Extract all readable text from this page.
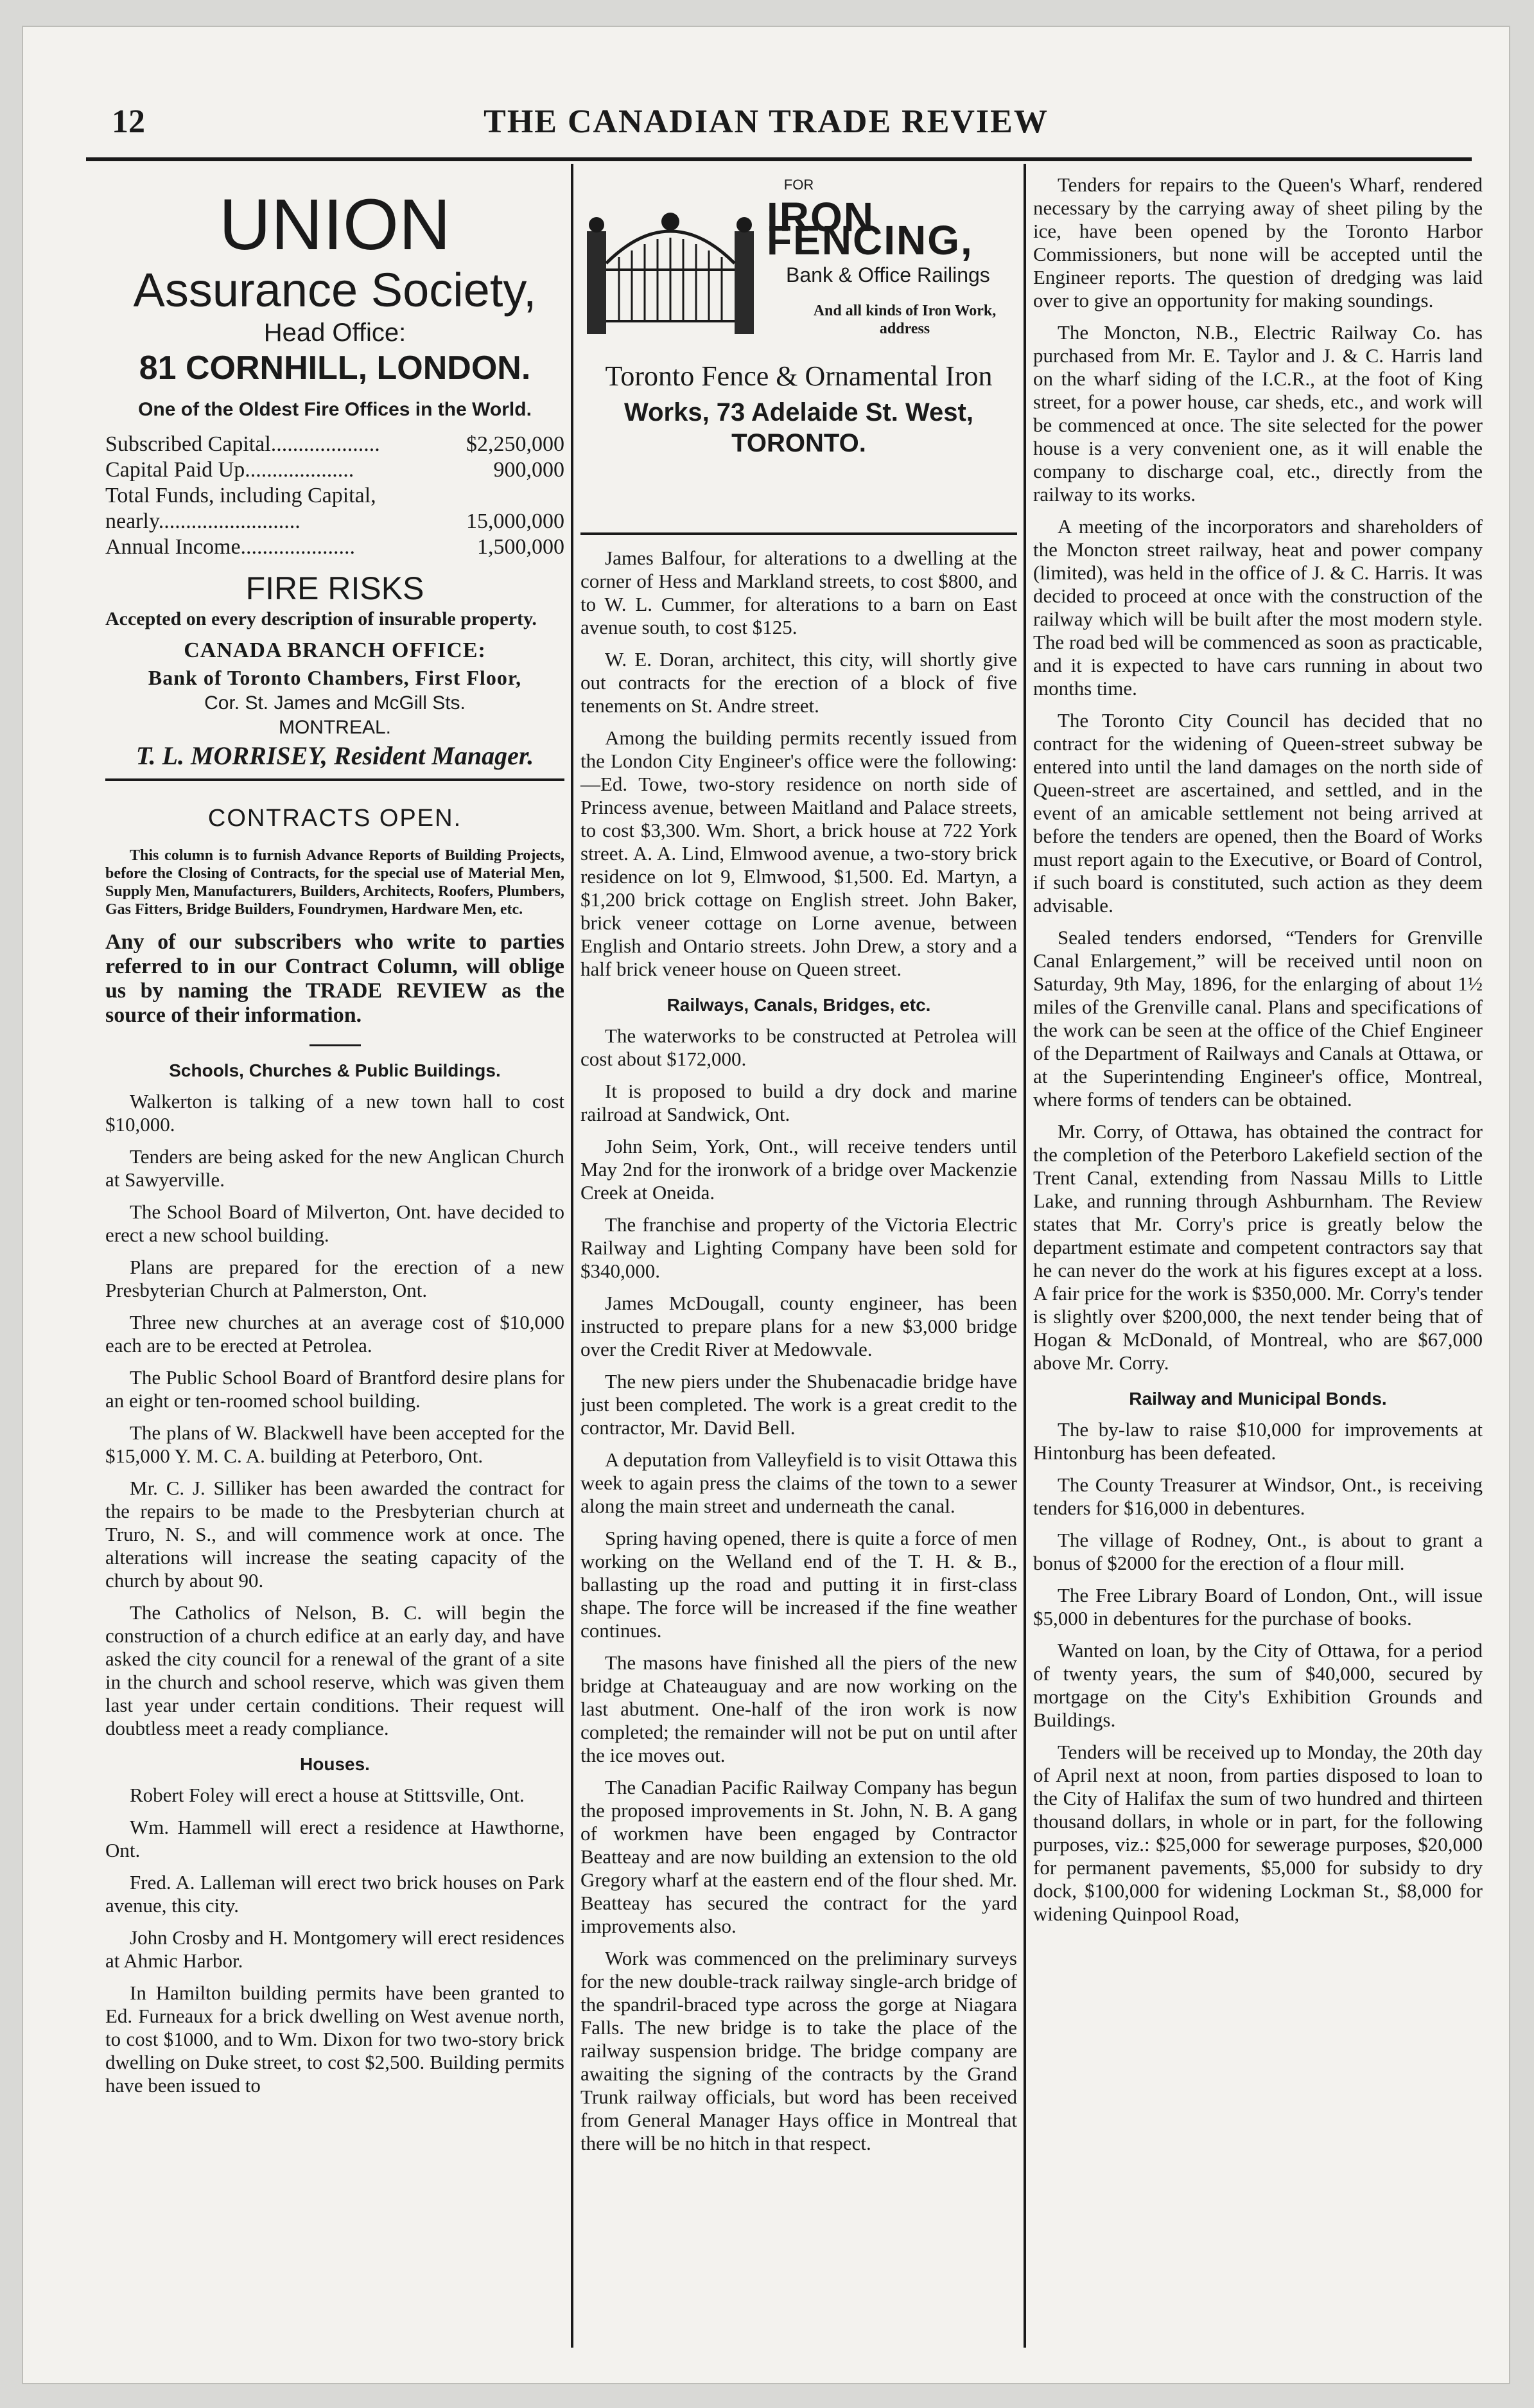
12	THE CANADIAN TRADE REVIEW
UNION
Assurance Society,
Head Office:
81 CORNHILL, LONDON.
One of the Oldest Fire Offices in the World.
Subscribed Capital....................	$2,250,000
Capital Paid Up....................	900,000
Total Funds, including Capital,
nearly..........................	15,000,000
Annual Income.....................	1,500,000
FIRE RISKS
Accepted on every description of insurable property.
CANADA BRANCH OFFICE:
Bank of Toronto Chambers, First Floor,
Cor. St. James and McGill Sts.
MONTREAL.
T. L. MORRISEY, Resident Manager.
CONTRACTS OPEN.
This column is to furnish Advance Reports of Building Projects, before the Closing of Contracts, for the special use of Material Men, Supply Men, Manufacturers, Builders, Architects, Roofers, Plumbers, Gas Fitters, Bridge Builders, Foundrymen, Hardware Men, etc.
Any of our subscribers who write to parties referred to in our Contract Column, will oblige us by naming the TRADE REVIEW as the source of their information.
Schools, Churches & Public Buildings.

Walkerton is talking of a new town hall to cost $10,000.

Tenders are being asked for the new Anglican Church at Sawyerville.

The School Board of Milverton, Ont. have decided to erect a new school building.

Plans are prepared for the erection of a new Presbyterian Church at Palmerston, Ont.

Three new churches at an average cost of $10,000 each are to be erected at Petrolea.

The Public School Board of Brantford desire plans for an eight or ten-roomed school building.

The plans of W. Blackwell have been accepted for the $15,000 Y. M. C. A. building at Peterboro, Ont.

Mr. C. J. Silliker has been awarded the contract for the repairs to be made to the Presbyterian church at Truro, N. S., and will commence work at once. The alterations will increase the seating capacity of the church by about 90.

The Catholics of Nelson, B. C. will begin the construction of a church edifice at an early day, and have asked the city council for a renewal of the grant of a site in the church and school reserve, which was given them last year under certain conditions. Their request will doubtless meet a ready compliance.

Houses.

Robert Foley will erect a house at Stittsville, Ont.

Wm. Hammell will erect a residence at Hawthorne, Ont.

Fred. A. Lalleman will erect two brick houses on Park avenue, this city.

John Crosby and H. Montgomery will erect residences at Ahmic Harbor.

In Hamilton building permits have been granted to Ed. Furneaux for a brick dwelling on West avenue north, to cost $1000, and to Wm. Dixon for two two-story brick dwelling on Duke street, to cost $2,500. Building permits have been issued to

FOR
IRON FENCING,
Bank & Office Railings
And all kinds of Iron Work, address
Toronto Fence & Ornamental Iron
Works, 73 Adelaide St. West, TORONTO.

James Balfour, for alterations to a dwelling at the corner of Hess and Markland streets, to cost $800, and to W. L. Cummer, for alterations to a barn on East avenue south, to cost $125.

W. E. Doran, architect, this city, will shortly give out contracts for the erection of a block of five tenements on St. Andre street.

Among the building permits recently issued from the London City Engineer's office were the following:—Ed. Towe, two-story residence on north side of Princess avenue, between Maitland and Palace streets, to cost $3,300. Wm. Short, a brick house at 722 York street. A. A. Lind, Elmwood avenue, a two-story brick residence on lot 9, Elmwood, $1,500. Ed. Martyn, a $1,200 brick cottage on English street. John Baker, brick veneer cottage on Lorne avenue, between English and Ontario streets. John Drew, a story and a half brick veneer house on Queen street.

Railways, Canals, Bridges, etc.

The waterworks to be constructed at Petrolea will cost about $172,000.

It is proposed to build a dry dock and marine railroad at Sandwick, Ont.

John Seim, York, Ont., will receive tenders until May 2nd for the ironwork of a bridge over Mackenzie Creek at Oneida.

The franchise and property of the Victoria Electric Railway and Lighting Company have been sold for $340,000.

James McDougall, county engineer, has been instructed to prepare plans for a new $3,000 bridge over the Credit River at Medowvale.

The new piers under the Shubenacadie bridge have just been completed. The work is a great credit to the contractor, Mr. David Bell.

A deputation from Valleyfield is to visit Ottawa this week to again press the claims of the town to a sewer along the main street and underneath the canal.

Spring having opened, there is quite a force of men working on the Welland end of the T. H. & B., ballasting up the road and putting it in first-class shape. The force will be increased if the fine weather continues.

The masons have finished all the piers of the new bridge at Chateauguay and are now working on the last abutment. One-half of the iron work is now completed; the remainder will not be put on until after the ice moves out.

The Canadian Pacific Railway Company has begun the proposed improvements in St. John, N. B. A gang of workmen have been engaged by Contractor Beatteay and are now building an extension to the old Gregory wharf at the eastern end of the flour shed. Mr. Beatteay has secured the contract for the yard improvements also.

Work was commenced on the preliminary surveys for the new double-track railway single-arch bridge of the spandril-braced type across the gorge at Niagara Falls. The new bridge is to take the place of the railway suspension bridge. The bridge company are awaiting the signing of the contracts by the Grand Trunk railway officials, but word has been received from General Manager Hays office in Montreal that there will be no hitch in that respect.

Tenders for repairs to the Queen's Wharf, rendered necessary by the carrying away of sheet piling by the ice, have been opened by the Toronto Harbor Commissioners, but none will be accepted until the Engineer reports. The question of dredging was laid over to give an opportunity for making soundings.

The Moncton, N.B., Electric Railway Co. has purchased from Mr. E. Taylor and J. & C. Harris land on the wharf siding of the I.C.R., at the foot of King street, for a power house, car sheds, etc., and work will be commenced at once. The site selected for the power house is a very convenient one, as it will enable the company to discharge coal, etc., directly from the railway to its works.

A meeting of the incorporators and shareholders of the Moncton street railway, heat and power company (limited), was held in the office of J. & C. Harris. It was decided to proceed at once with the construction of the railway which will be built after the most modern style. The road bed will be commenced as soon as practicable, and it is expected to have cars running in about two months time.

The Toronto City Council has decided that no contract for the widening of Queen-street subway be entered into until the land damages on the north side of Queen-street are ascertained, and settled, and in the event of an amicable settlement not being arrived at before the tenders are opened, then the Board of Works must report again to the Executive, or Board of Control, if such board is constituted, such action as they deem advisable.

Sealed tenders endorsed, “Tenders for Grenville Canal Enlargement,” will be received until noon on Saturday, 9th May, 1896, for the enlarging of about 1½ miles of the Grenville canal. Plans and specifications of the work can be seen at the office of the Chief Engineer of the Department of Railways and Canals at Ottawa, or at the Superintending Engineer's office, Montreal, where forms of tenders can be obtained.

Mr. Corry, of Ottawa, has obtained the contract for the completion of the Peterboro Lakefield section of the Trent Canal, extending from Nassau Mills to Little Lake, and running through Ashburnham. The Review states that Mr. Corry's price is greatly below the department estimate and competent contractors say that he can never do the work at his figures except at a loss. A fair price for the work is $350,000. Mr. Corry's tender is slightly over $200,000, the next tender being that of Hogan & McDonald, of Montreal, who are $67,000 above Mr. Corry.

Railway and Municipal Bonds.

The by-law to raise $10,000 for improvements at Hintonburg has been defeated.

The County Treasurer at Windsor, Ont., is receiving tenders for $16,000 in debentures.

The village of Rodney, Ont., is about to grant a bonus of $2000 for the erection of a flour mill.

The Free Library Board of London, Ont., will issue $5,000 in debentures for the purchase of books.

Wanted on loan, by the City of Ottawa, for a period of twenty years, the sum of $40,000, secured by mortgage on the City's Exhibition Grounds and Buildings.

Tenders will be received up to Monday, the 20th day of April next at noon, from parties disposed to loan to the City of Halifax the sum of two hundred and thirteen thousand dollars, in whole or in part, for the following purposes, viz.: $25,000 for sewerage purposes, $20,000 for permanent pavements, $5,000 for subsidy to dry dock, $100,000 for widening Lockman St., $8,000 for widening Quinpool Road,
